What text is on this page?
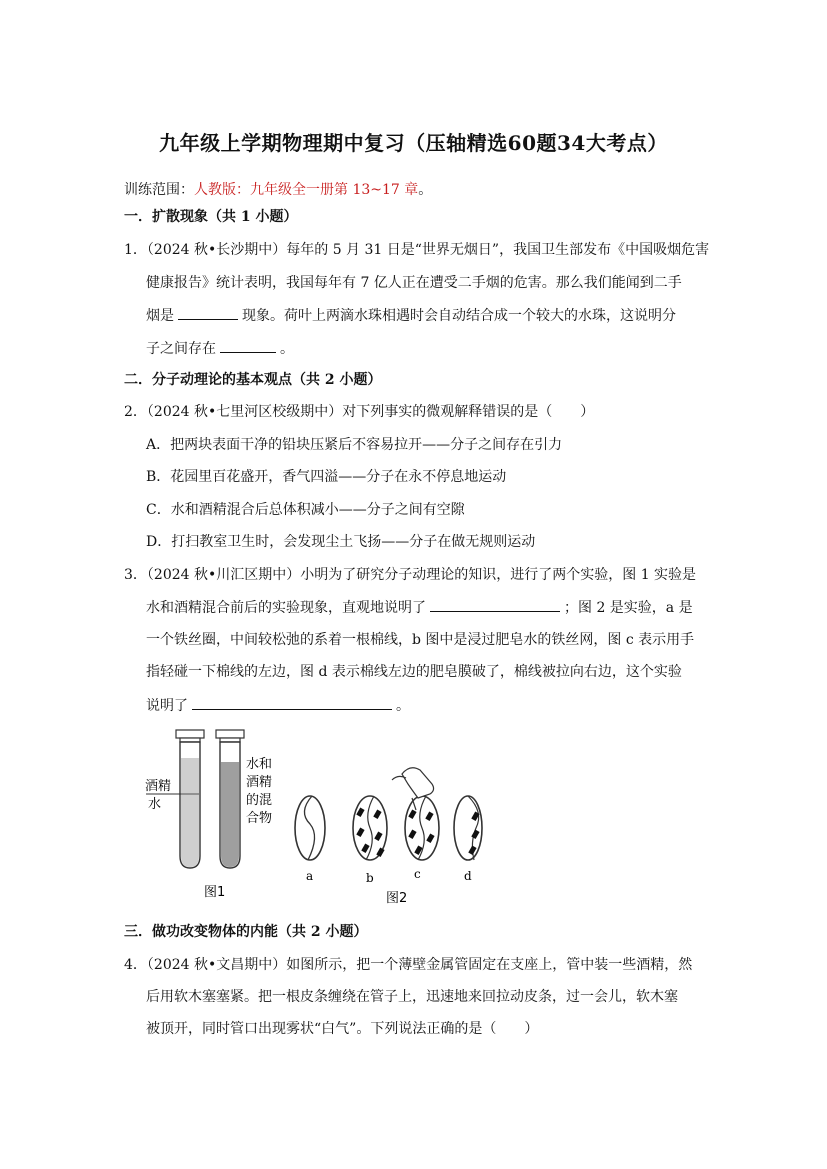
九年级上学期物理期中复习（压轴精选60题34大考点）
训练范围：人教版：九年级全一册第 13~17 章。
一．扩散现象（共 1 小题）
1．（2024 秋•长沙期中）每年的 5 月 31 日是“世界无烟日”，我国卫生部发布《中国吸烟危害
健康报告》统计表明，我国每年有 7 亿人正在遭受二手烟的危害。那么我们能闻到二手
烟是	现象。荷叶上两滴水珠相遇时会自动结合成一个较大的水珠，这说明分
子之间存在	。
二．分子动理论的基本观点（共 2 小题）
2．（2024 秋•七里河区校级期中）对下列事实的微观解释错误的是（　　）
A．把两块表面干净的铅块压紧后不容易拉开——分子之间存在引力
B．花园里百花盛开，香气四溢——分子在永不停息地运动
C．水和酒精混合后总体积减小——分子之间有空隙
D．打扫教室卫生时，会发现尘土飞扬——分子在做无规则运动
3．（2024 秋•川汇区期中）小明为了研究分子动理论的知识，进行了两个实验，图 1 实验是
水和酒精混合前后的实验现象，直观地说明了	；图 2 是实验，a 是
一个铁丝圈，中间较松弛的系着一根棉线，b 图中是浸过肥皂水的铁丝网，图 c 表示用手
指轻碰一下棉线的左边，图 d 表示棉线左边的肥皂膜破了，棉线被拉向右边，这个实验
说明了	。
酒精
水
水和
酒精
的混
合物
图1
a	b	c	d
图2
三．做功改变物体的内能（共 2 小题）
4．（2024 秋•文昌期中）如图所示，把一个薄壁金属管固定在支座上，管中装一些酒精，然
后用软木塞塞紧。把一根皮条缠绕在管子上，迅速地来回拉动皮条，过一会儿，软木塞
被顶开，同时管口出现雾状“白气”。下列说法正确的是（　　）
